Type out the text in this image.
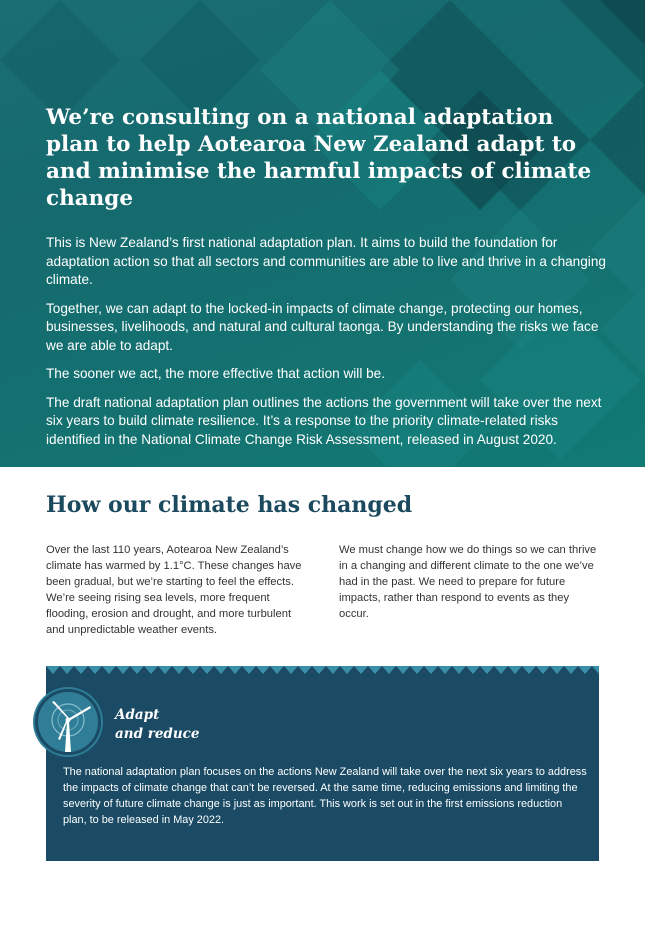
We’re consulting on a national adaptation plan to help Aotearoa New Zealand adapt to and minimise the harmful impacts of climate change

This is New Zealand’s first national adaptation plan. It aims to build the foundation for adaptation action so that all sectors and communities are able to live and thrive in a changing climate.

Together, we can adapt to the locked-in impacts of climate change, protecting our homes, businesses, livelihoods, and natural and cultural taonga. By understanding the risks we face we are able to adapt.

The sooner we act, the more effective that action will be.

The draft national adaptation plan outlines the actions the government will take over the next six years to build climate resilience. It’s a response to the priority climate-related risks identified in the National Climate Change Risk Assessment, released in August 2020.

How our climate has changed

Over the last 110 years, Aotearoa New Zealand’s climate has warmed by 1.1°C. These changes have been gradual, but we’re starting to feel the effects. We’re seeing rising sea levels, more frequent flooding, erosion and drought, and more turbulent and unpredictable weather events.

We must change how we do things so we can thrive in a changing and different climate to the one we’ve had in the past. We need to prepare for future impacts, rather than respond to events as they occur.

Adapt
and reduce

The national adaptation plan focuses on the actions New Zealand will take over the next six years to address the impacts of climate change that can’t be reversed. At the same time, reducing emissions and limiting the severity of future climate change is just as important. This work is set out in the first emissions reduction plan, to be released in May 2022.
